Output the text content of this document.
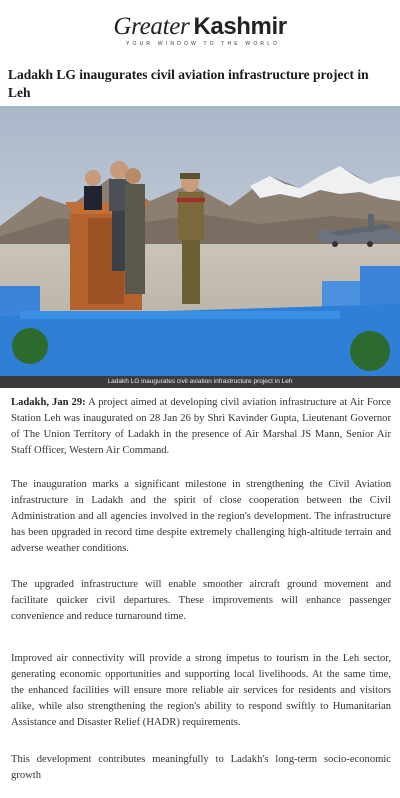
Greater Kashmir
YOUR WINDOW TO THE WORLD
Ladakh LG inaugurates civil aviation infrastructure project in Leh
Ladakh LG inaugurates civil aviation infrastructure project in Leh

Ladakh, Jan 29: A project aimed at developing civil aviation infrastructure at Air Force Station Leh was inaugurated on 28 Jan 26 by Shri Kavinder Gupta, Lieutenant Governor of The Union Territory of Ladakh in the presence of Air Marshal JS Mann, Senior Air Staff Officer, Western Air Command.

The inauguration marks a significant milestone in strengthening the Civil Aviation infrastructure in Ladakh and the spirit of close cooperation between the Civil Administration and all agencies involved in the region's development. The infrastructure has been upgraded in record time despite extremely challenging high-altitude terrain and adverse weather conditions.

The upgraded infrastructure will enable smoother aircraft ground movement and facilitate quicker civil departures. These improvements will enhance passenger convenience and reduce turnaround time.

Improved air connectivity will provide a strong impetus to tourism in the Leh sector, generating economic opportunities and supporting local livelihoods. At the same time, the enhanced facilities will ensure more reliable air services for residents and visitors alike, while also strengthening the region's ability to respond swiftly to Humanitarian Assistance and Disaster Relief (HADR) requirements.

This development contributes meaningfully to Ladakh's long-term socio-economic growth
